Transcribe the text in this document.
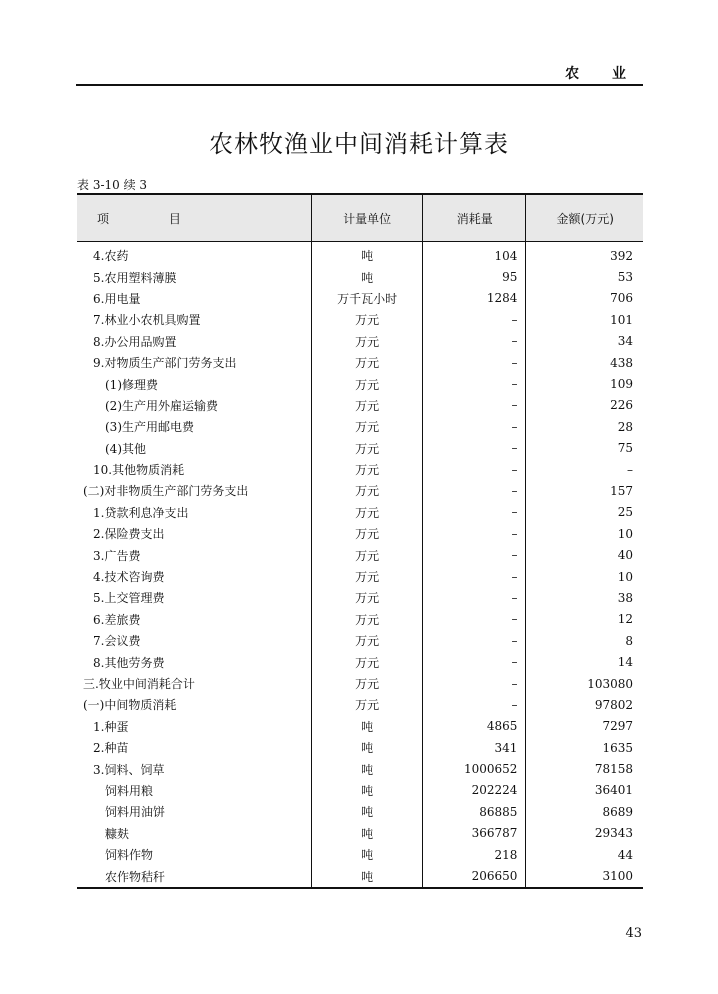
农 业
农林牧渔业中间消耗计算表
表 3-10 续 3
项 目	计量单位	消耗量	金额(万元)
4.农药	吨	104	392
5.农用塑料薄膜	吨	95	53
6.用电量	万千瓦小时	1284	706
7.林业小农机具购置	万元	–	101
8.办公用品购置	万元	–	34
9.对物质生产部门劳务支出	万元	–	438
(1)修理费	万元	–	109
(2)生产用外雇运输费	万元	–	226
(3)生产用邮电费	万元	–	28
(4)其他	万元	–	75
10.其他物质消耗	万元	–	–
(二)对非物质生产部门劳务支出	万元	–	157
1.贷款利息净支出	万元	–	25
2.保险费支出	万元	–	10
3.广告费	万元	–	40
4.技术咨询费	万元	–	10
5.上交管理费	万元	–	38
6.差旅费	万元	–	12
7.会议费	万元	–	8
8.其他劳务费	万元	–	14
三.牧业中间消耗合计	万元	–	103080
(一)中间物质消耗	万元	–	97802
1.种蛋	吨	4865	7297
2.种苗	吨	341	1635
3.饲料、饲草	吨	1000652	78158
饲料用粮	吨	202224	36401
饲料用油饼	吨	86885	8689
糠麸	吨	366787	29343
饲料作物	吨	218	44
农作物秸秆	吨	206650	3100
43
